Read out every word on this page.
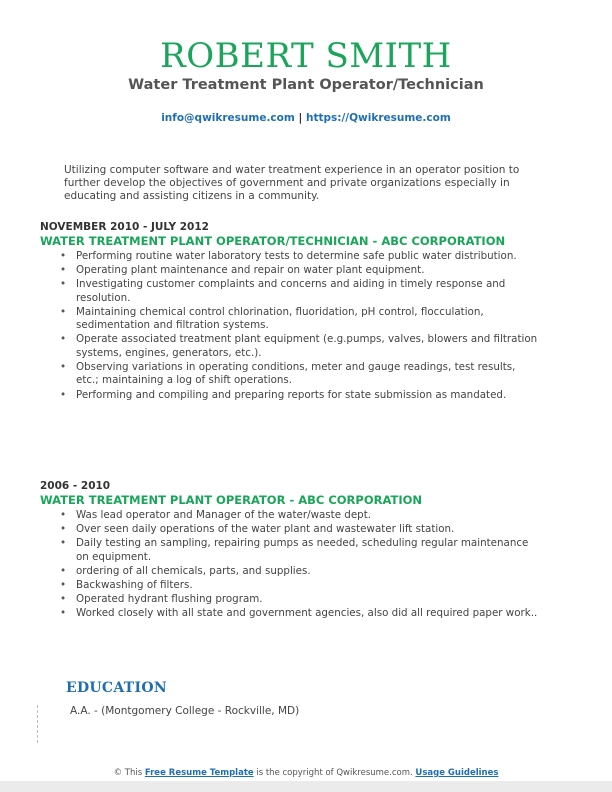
ROBERT SMITH
Water Treatment Plant Operator/Technician
info@qwikresume.com | https://Qwikresume.com
Utilizing computer software and water treatment experience in an operator position to further develop the objectives of government and private organizations especially in educating and assisting citizens in a community.
NOVEMBER 2010 - JULY 2012
WATER TREATMENT PLANT OPERATOR/TECHNICIAN - ABC CORPORATION
• Performing routine water laboratory tests to determine safe public water distribution.
• Operating plant maintenance and repair on water plant equipment.
• Investigating customer complaints and concerns and aiding in timely response and resolution.
• Maintaining chemical control chlorination, fluoridation, pH control, flocculation, sedimentation and filtration systems.
• Operate associated treatment plant equipment (e.g.pumps, valves, blowers and filtration systems, engines, generators, etc.).
• Observing variations in operating conditions, meter and gauge readings, test results, etc.; maintaining a log of shift operations.
• Performing and compiling and preparing reports for state submission as mandated.
2006 - 2010
WATER TREATMENT PLANT OPERATOR - ABC CORPORATION
• Was lead operator and Manager of the water/waste dept.
• Over seen daily operations of the water plant and wastewater lift station.
• Daily testing an sampling, repairing pumps as needed, scheduling regular maintenance on equipment.
• ordering of all chemicals, parts, and supplies.
• Backwashing of filters.
• Operated hydrant flushing program.
• Worked closely with all state and government agencies, also did all required paper work..
EDUCATION
A.A. - (Montgomery College - Rockville, MD)
© This Free Resume Template is the copyright of Qwikresume.com. Usage Guidelines
